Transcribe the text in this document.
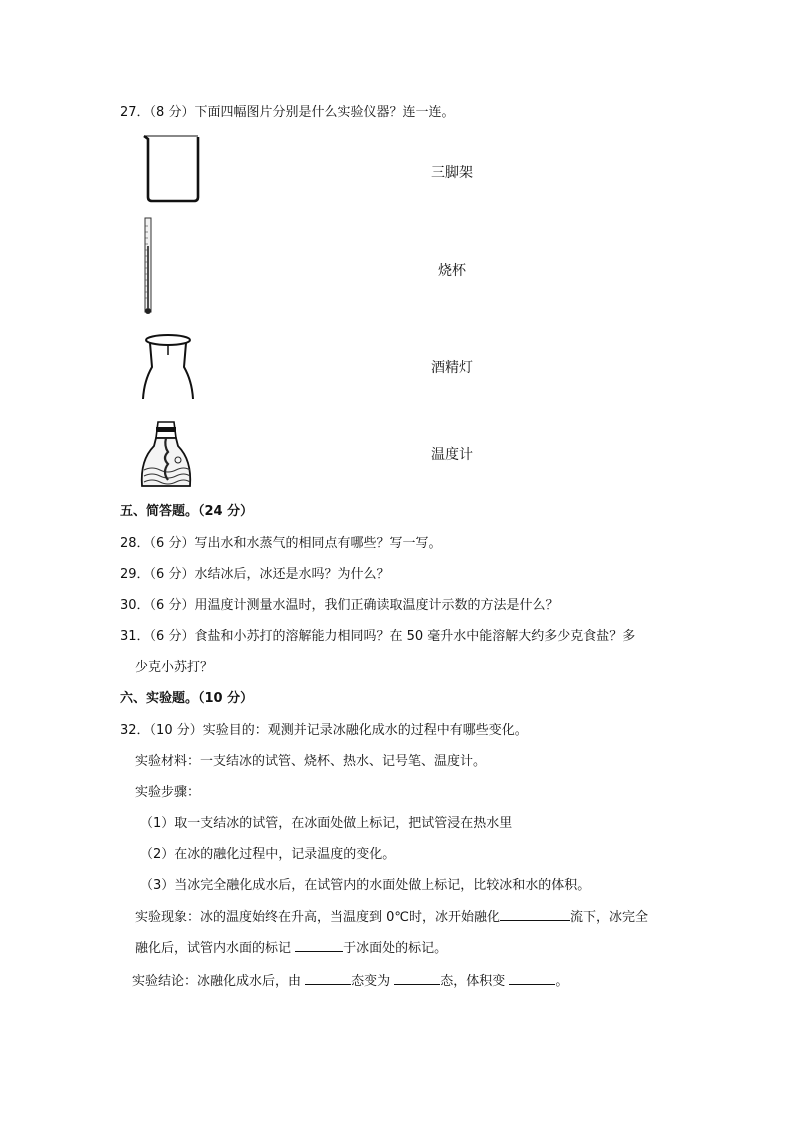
27．（8 分）下面四幅图片分别是什么实验仪器？连一连。
三脚架
烧杯
酒精灯
温度计
五、简答题。（24 分）
28．（6 分）写出水和水蒸气的相同点有哪些？写一写。
29．（6 分）水结冰后，冰还是水吗？为什么？
30．（6 分）用温度计测量水温时，我们正确读取温度计示数的方法是什么？
31．（6 分）食盐和小苏打的溶解能力相同吗？在 50 毫升水中能溶解大约多少克食盐？多
少克小苏打？
六、实验题。（10 分）
32．（10 分）实验目的：观测并记录冰融化成水的过程中有哪些变化。
实验材料：一支结冰的试管、烧杯、热水、记号笔、温度计。
实验步骤：
（1）取一支结冰的试管，在冰面处做上标记，把试管浸在热水里
（2）在冰的融化过程中，记录温度的变化。
（3）当冰完全融化成水后，在试管内的水面处做上标记，比较冰和水的体积。
实验现象：冰的温度始终在升高，当温度到 0℃时，冰开始融化	流下，冰完全
融化后，试管内水面的标记	于冰面处的标记。
实验结论：冰融化成水后，由	态变为	态，体积变	。
